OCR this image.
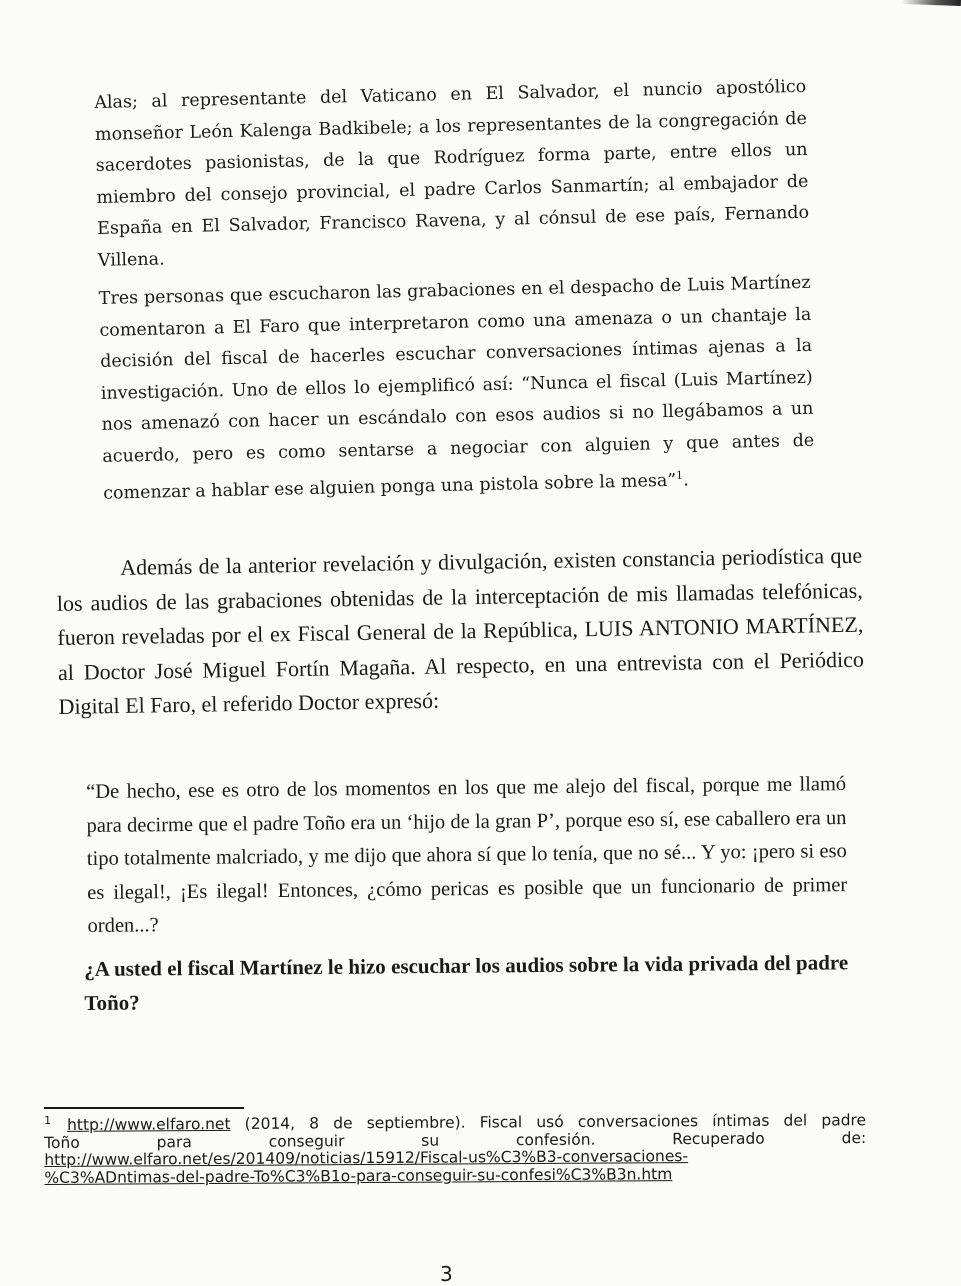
Alas; al representante del Vaticano en El Salvador, el nuncio apostólico monseñor León Kalenga Badkibele; a los representantes de la congregación de sacerdotes pasionistas, de la que Rodríguez forma parte, entre ellos un miembro del consejo provincial, el padre Carlos Sanmartín; al embajador de España en El Salvador, Francisco Ravena, y al cónsul de ese país, Fernando Villena.

Tres personas que escucharon las grabaciones en el despacho de Luis Martínez comentaron a El Faro que interpretaron como una amenaza o un chantaje la decisión del fiscal de hacerles escuchar conversaciones íntimas ajenas a la investigación. Uno de ellos lo ejemplificó así: “Nunca el fiscal (Luis Martínez) nos amenazó con hacer un escándalo con esos audios si no llegábamos a un acuerdo, pero es como sentarse a negociar con alguien y que antes de comenzar a hablar ese alguien ponga una pistola sobre la mesa”$^1$.

Además de la anterior revelación y divulgación, existen constancia periodística que los audios de las grabaciones obtenidas de la interceptación de mis llamadas telefónicas, fueron reveladas por el ex Fiscal General de la República, LUIS ANTONIO MARTÍNEZ, al Doctor José Miguel Fortín Magaña. Al respecto, en una entrevista con el Periódico Digital El Faro, el referido Doctor expresó:

“De hecho, ese es otro de los momentos en los que me alejo del fiscal, porque me llamó para decirme que el padre Toño era un ‘hijo de la gran P’, porque eso sí, ese caballero era un tipo totalmente malcriado, y me dijo que ahora sí que lo tenía, que no sé... Y yo: ¡pero si eso es ilegal!, ¡Es ilegal! Entonces, ¿cómo pericas es posible que un funcionario de primer orden...?

¿A usted el fiscal Martínez le hizo escuchar los audios sobre la vida privada del padre Toño?

$^1$ http://www.elfaro.net (2014, 8 de septiembre). Fiscal usó conversaciones íntimas del padre
Toño para conseguir su confesión. Recuperado de:
http://www.elfaro.net/es/201409/noticias/15912/Fiscal-us%C3%B3-conversaciones-
%C3%ADntimas-del-padre-To%C3%B1o-para-conseguir-su-confesi%C3%B3n.htm
3
